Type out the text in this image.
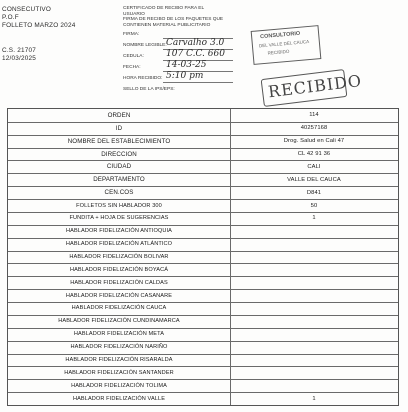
CONSECUTIVO
P.O.F
FOLLETO MARZO 2024
C.S. 21707
12/03/2025
CERTIFICADO DE RECIBO PARA EL
USUARIO
FIRMA DE RECIBO DE LOS PAQUETES QUE
CONTIENEN MATERIAL PUBLICITARIO
FIRMA:
NOMBRE LEGIBLE: Carvalho 3.0
CEDULA: 107 C.C. 660
FECHA:	14-03-25
HORA RECIBIDO: 5:10 pm
SELLO DE LA IPS/EPS:
CONSULTORIO
DEL VALLE DEL CAUCA
RECIBIDO
RECIBIDO
ORDEN	114
ID	40257168
NOMBRE DEL ESTABLECIMIENTO	Drog. Salud en Cali 47
DIRECCION	CL 42 91 36
CIUDAD	CALI
DEPARTAMENTO	VALLE DEL CAUCA
CEN.COS	D841
FOLLETOS SIN HABLADOR 300	50
FUNDITA + HOJA DE SUGERENCIAS	1
HABLADOR FIDELIZACIÓN ANTIOQUIA
HABLADOR FIDELIZACIÓN ATLÁNTICO
HABLADOR FIDELIZACIÓN BOLIVAR
HABLADOR FIDELIZACIÓN BOYACÁ
HABLADOR FIDELIZACIÓN CALDAS
HABLADOR FIDELIZACIÓN CASANARE
HABLADOR FIDELIZACIÓN CAUCA
HABLADOR FIDELIZACIÓN CUNDINAMARCA
HABLADOR FIDELIZACIÓN META
HABLADOR FIDELIZACIÓN NARIÑO
HABLADOR FIDELIZACIÓN RISARALDA
HABLADOR FIDELIZACIÓN SANTANDER
HABLADOR FIDELIZACIÓN TOLIMA
HABLADOR FIDELIZACIÓN VALLE	1
